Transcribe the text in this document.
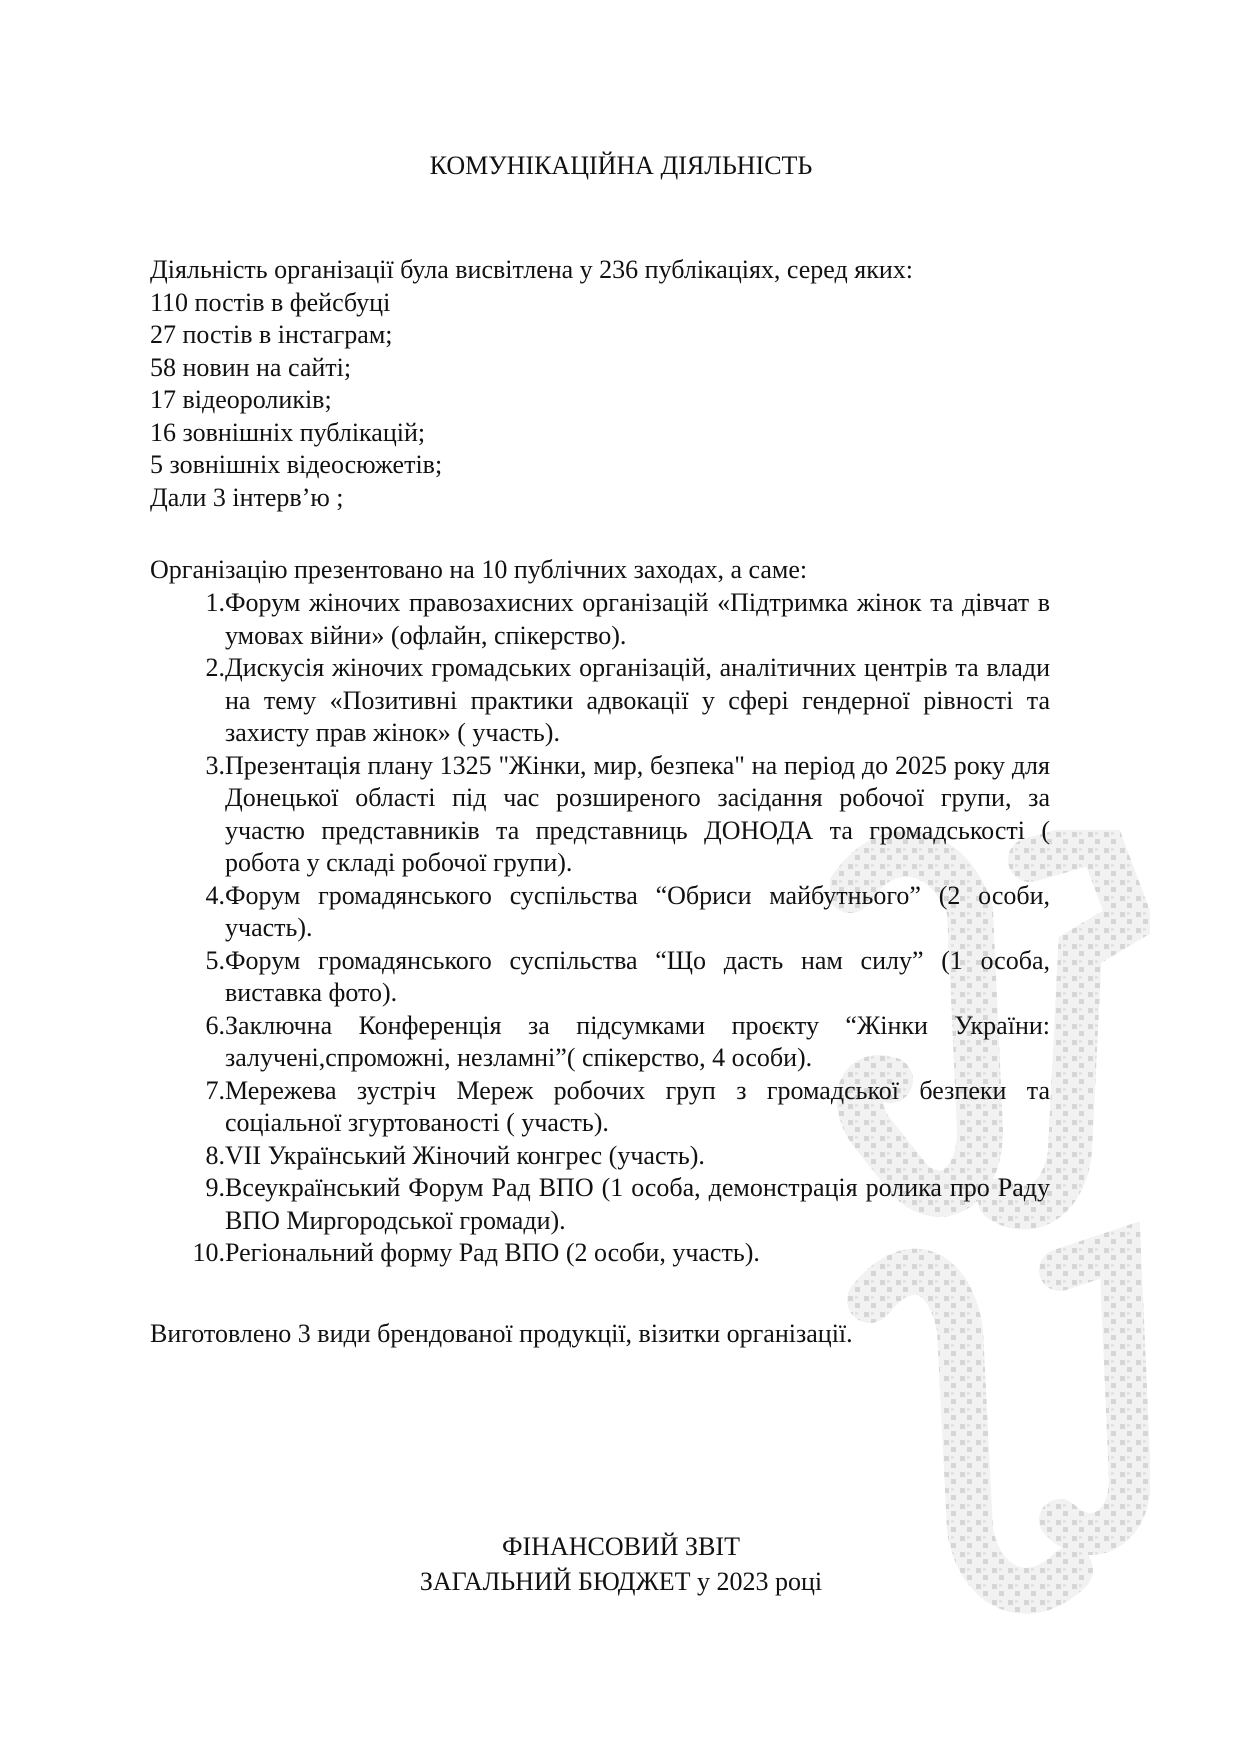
КОМУНІКАЦІЙНА ДІЯЛЬНІСТЬ
Діяльність організації була висвітлена у 236 публікаціях, серед яких:
110 постів в фейсбуці
27 постів в інстаграм;
58 новин на сайті;
17 відеороликів;
16 зовнішніх публікацій;
5 зовнішніх відеосюжетів;
Дали 3 інтерв’ю ;
Організацію презентовано на 10 публічних заходах, а саме:
1. Форум жіночих правозахисних організацій «Підтримка жінок та дівчат в умовах війни» (офлайн, спікерство).
2. Дискусія жіночих громадських організацій, аналітичних центрів та влади на тему «Позитивні практики адвокації у сфері гендерної рівності та захисту прав жінок» ( участь).
3. Презентація плану 1325 "Жінки, мир, безпека" на період до 2025 року для Донецької області під час розширеного засідання робочої групи, за участю представників та представниць ДОНОДА та громадськості ( робота у складі робочої групи).
4. Форум громадянського суспільства “Обриси майбутнього” (2 особи, участь).
5. Форум громадянського суспільства “Що дасть нам силу” (1 особа, виставка фото).
6. Заключна Конференція за підсумками проєкту “Жінки України: залучені,спроможні, незламні”( спікерство, 4 особи).
7. Мережева зустріч Мереж робочих груп з громадської безпеки та соціальної згуртованості ( участь).
8. VII Український Жіночий конгрес (участь).
9. Всеукраїнський Форум Рад ВПО (1 особа, демонстрація ролика про Раду ВПО Миргородської громади).
10. Регіональний форму Рад ВПО (2 особи, участь).
Виготовлено 3 види брендованої продукції, візитки організації.
ФІНАНСОВИЙ ЗВІТ
ЗАГАЛЬНИЙ БЮДЖЕТ у 2023 році
